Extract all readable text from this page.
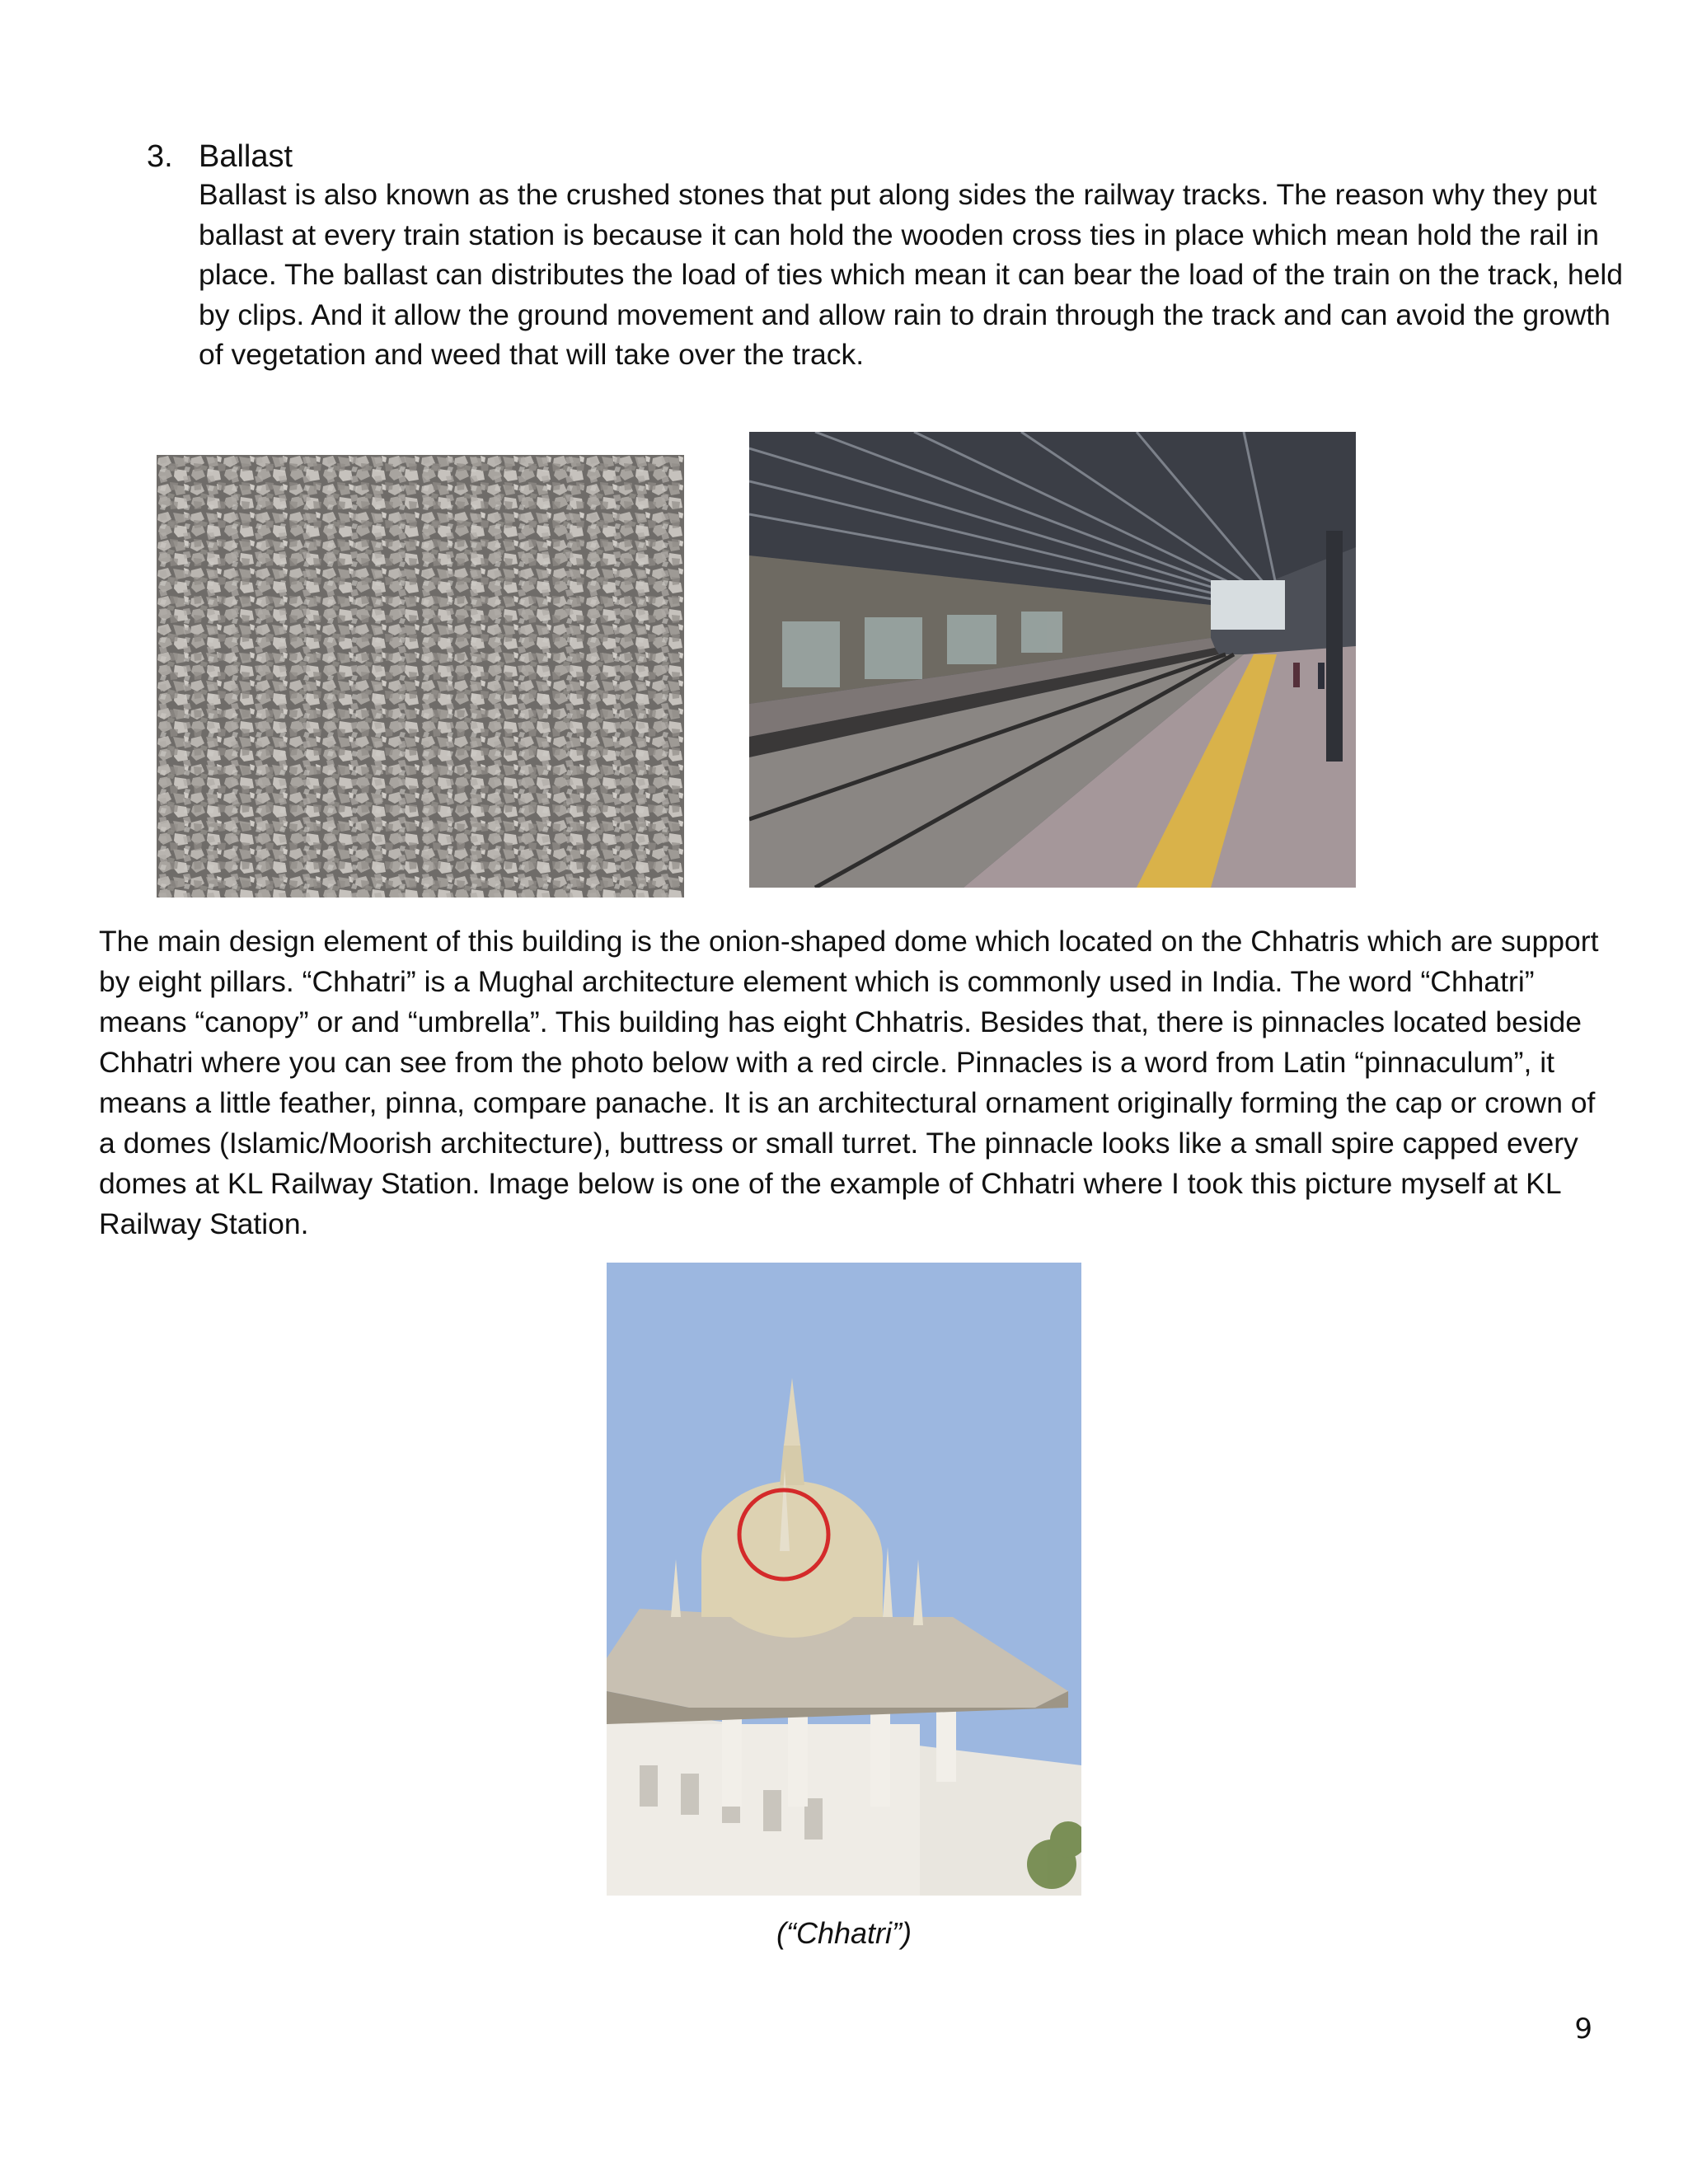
3. Ballast
Ballast is also known as the crushed stones that put along sides the railway tracks. The reason why they put ballast at every train station is because it can hold the wooden cross ties in place which mean hold the rail in place. The ballast can distributes the load of ties which mean it can bear the load of the train on the track, held by clips. And it allow the ground movement and allow rain to drain through the track and can avoid the growth of vegetation and weed that will take over the track.
The main design element of this building is the onion-shaped dome which located on the Chhatris which are support by eight pillars. “Chhatri” is a Mughal architecture element which is commonly used in India. The word “Chhatri” means “canopy” or and “umbrella”. This building has eight Chhatris. Besides that, there is pinnacles located beside Chhatri where you can see from the photo below with a red circle. Pinnacles is a word from Latin “pinnaculum”, it means a little feather, pinna, compare panache. It is an architectural ornament originally forming the cap or crown of a domes (Islamic/Moorish architecture), buttress or small turret. The pinnacle looks like a small spire capped every domes at KL Railway Station. Image below is one of the example of Chhatri where I took this picture myself at KL Railway Station.
(“Chhatri”)
9
